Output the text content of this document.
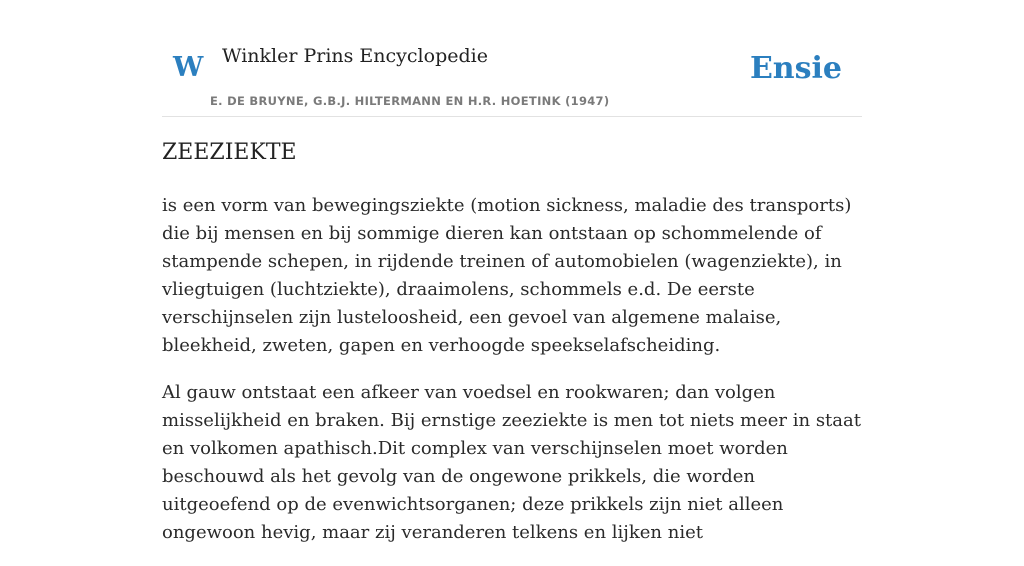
W Winkler Prins Encyclopedie
E. DE BRUYNE, G.B.J. HILTERMANN EN H.R. HOETINK (1947)
Ensie
ZEEZIEKTE

is een vorm van bewegingsziekte (motion sickness, maladie des transports) die bij mensen en bij sommige dieren kan ontstaan op schommelende of stampende schepen, in rijdende treinen of automobielen (wagenziekte), in vliegtuigen (luchtziekte), draaimolens, schommels e.d. De eerste verschijnselen zijn lusteloosheid, een gevoel van algemene malaise, bleekheid, zweten, gapen en verhoogde speekselafscheiding.

Al gauw ontstaat een afkeer van voedsel en rookwaren; dan volgen misselijkheid en braken. Bij ernstige zeeziekte is men tot niets meer in staat en volkomen apathisch.Dit complex van verschijnselen moet worden beschouwd als het gevolg van de ongewone prikkels, die worden uitgeoefend op de evenwichtsorganen; deze prikkels zijn niet alleen ongewoon hevig, maar zij veranderen telkens en lijken niet
